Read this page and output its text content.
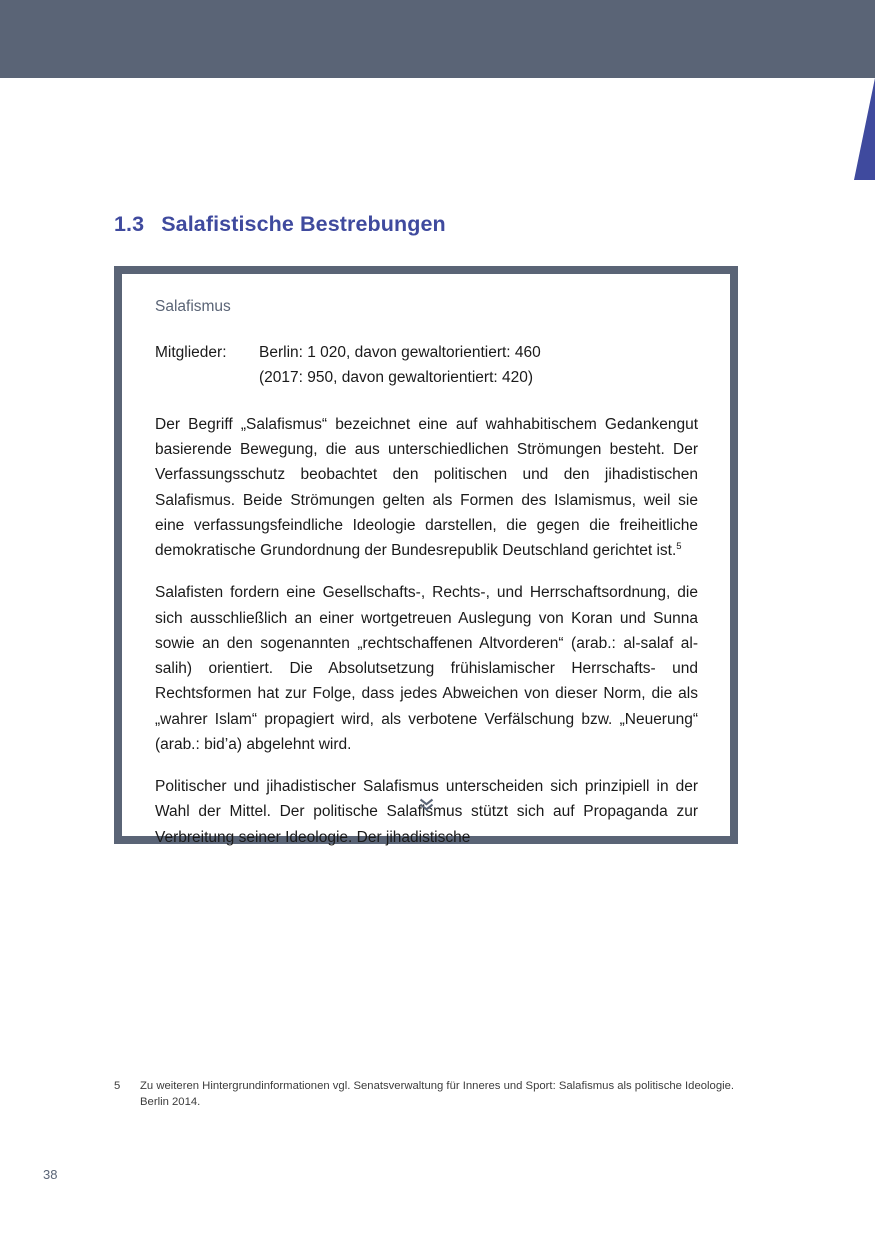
1.3 Salafistische Bestrebungen
Salafismus
Mitglieder:	Berlin: 1 020, davon gewaltorientiert: 460
(2017: 950, davon gewaltorientiert: 420)

Der Begriff „Salafismus“ bezeichnet eine auf wahhabitischem Gedankengut basierende Bewegung, die aus unterschiedlichen Strömungen besteht. Der Verfassungsschutz beobachtet den politischen und den jihadistischen Salafismus. Beide Strömungen gelten als Formen des Islamismus, weil sie eine verfassungsfeindliche Ideologie darstellen, die gegen die freiheitliche demokratische Grundordnung der Bundesrepublik Deutschland gerichtet ist.$^5$

Salafisten fordern eine Gesellschafts-, Rechts-, und Herrschaftsordnung, die sich ausschließlich an einer wortgetreuen Auslegung von Koran und Sunna sowie an den sogenannten „rechtschaffenen Altvorderen“ (arab.: al-salaf al-salih) orientiert. Die Absolutsetzung frühislamischer Herrschafts- und Rechtsformen hat zur Folge, dass jedes Abweichen von dieser Norm, die als „wahrer Islam“ propagiert wird, als verbotene Verfälschung bzw. „Neuerung“ (arab.: bid’a) abgelehnt wird.

Politischer und jihadistischer Salafismus unterscheiden sich prinzipiell in der Wahl der Mittel. Der politische Salafismus stützt sich auf Propaganda zur Verbreitung seiner Ideologie. Der jihadistische

5	Zu weiteren Hintergrundinformationen vgl. Senatsverwaltung für Inneres und Sport: Salafismus als politische Ideologie. Berlin 2014.
38
